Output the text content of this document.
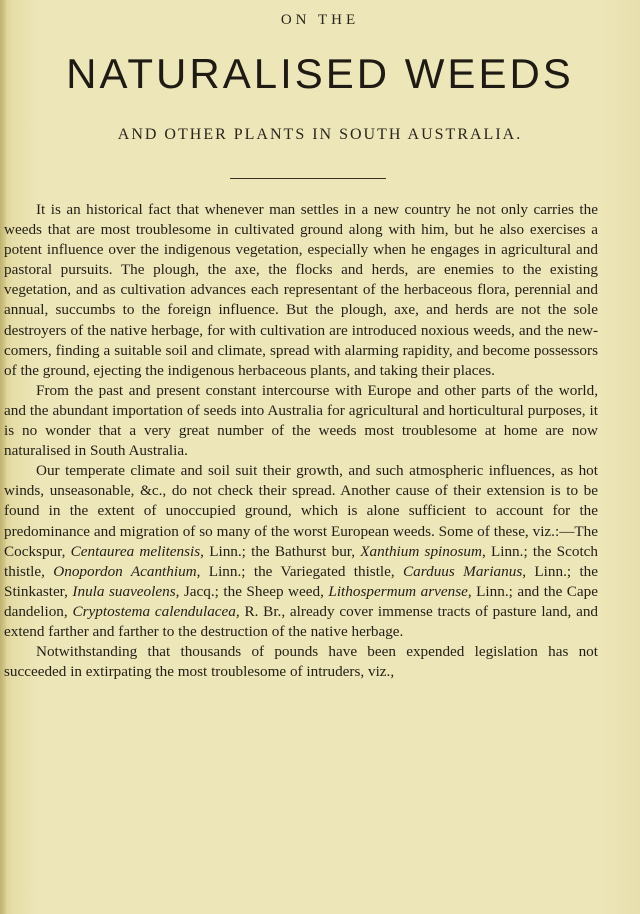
ON THE
NATURALISED WEEDS
AND OTHER PLANTS IN SOUTH AUSTRALIA.

It is an historical fact that whenever man settles in a new country he not only carries the weeds that are most troublesome in cultivated ground along with him, but he also exercises a potent influence over the indigenous vegetation, especially when he engages in agricultural and pastoral pursuits. The plough, the axe, the flocks and herds, are enemies to the existing vegetation, and as cultivation advances each representant of the herbaceous flora, perennial and annual, succumbs to the foreign influence. But the plough, axe, and herds are not the sole destroyers of the native herbage, for with cultivation are introduced noxious weeds, and the new-comers, finding a suitable soil and climate, spread with alarming rapidity, and become possessors of the ground, ejecting the indigenous herbaceous plants, and taking their places.

From the past and present constant intercourse with Europe and other parts of the world, and the abundant importation of seeds into Australia for agricultural and horticultural purposes, it is no wonder that a very great number of the weeds most troublesome at home are now naturalised in South Australia.

Our temperate climate and soil suit their growth, and such atmospheric influences, as hot winds, unseasonable, &c., do not check their spread. Another cause of their extension is to be found in the extent of unoccupied ground, which is alone sufficient to account for the predominance and migration of so many of the worst European weeds. Some of these, viz.:—The Cockspur, Centaurea melitensis, Linn.; the Bathurst bur, Xanthium spinosum, Linn.; the Scotch thistle, Onopordon Acanthium, Linn.; the Variegated thistle, Carduus Marianus, Linn.; the Stinkaster, Inula suaveolens, Jacq.; the Sheep weed, Lithospermum arvense, Linn.; and the Cape dandelion, Cryptostema calendulacea, R. Br., already cover immense tracts of pasture land, and extend farther and farther to the destruction of the native herbage.

Notwithstanding that thousands of pounds have been expended legislation has not succeeded in extirpating the most troublesome of intruders, viz.,
